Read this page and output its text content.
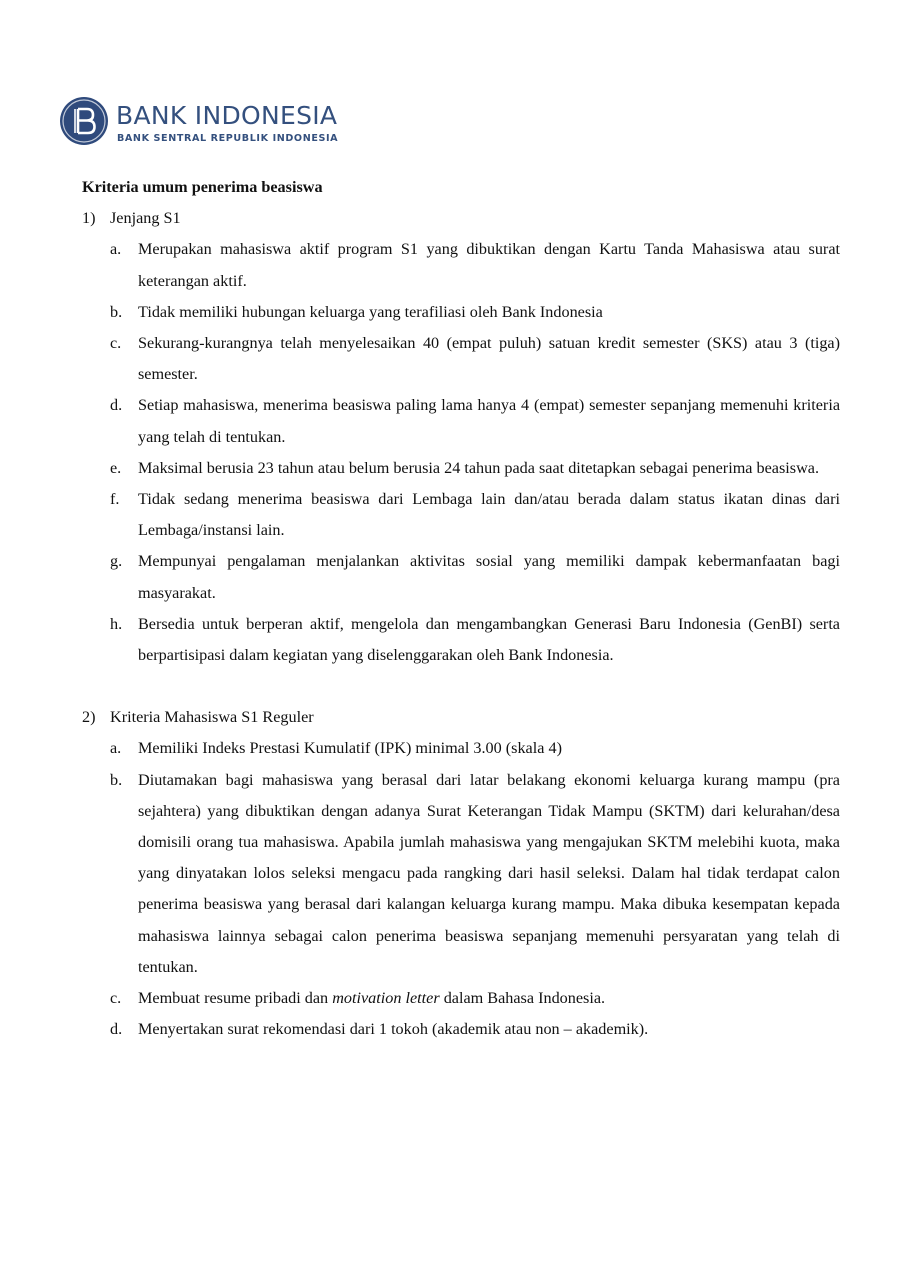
BANK INDONESIA
BANK SENTRAL REPUBLIK INDONESIA

Kriteria umum penerima beasiswa

1) Jenjang S1
a. Merupakan mahasiswa aktif program S1 yang dibuktikan dengan Kartu Tanda Mahasiswa atau surat keterangan aktif.
b. Tidak memiliki hubungan keluarga yang terafiliasi oleh Bank Indonesia
c. Sekurang-kurangnya telah menyelesaikan 40 (empat puluh) satuan kredit semester (SKS) atau 3 (tiga) semester.
d. Setiap mahasiswa, menerima beasiswa paling lama hanya 4 (empat) semester sepanjang memenuhi kriteria yang telah di tentukan.
e. Maksimal berusia 23 tahun atau belum berusia 24 tahun pada saat ditetapkan sebagai penerima beasiswa.
f. Tidak sedang menerima beasiswa dari Lembaga lain dan/atau berada dalam status ikatan dinas dari Lembaga/instansi lain.
g. Mempunyai pengalaman menjalankan aktivitas sosial yang memiliki dampak kebermanfaatan bagi masyarakat.
h. Bersedia untuk berperan aktif, mengelola dan mengambangkan Generasi Baru Indonesia (GenBI) serta berpartisipasi dalam kegiatan yang diselenggarakan oleh Bank Indonesia.
2) Kriteria Mahasiswa S1 Reguler
a. Memiliki Indeks Prestasi Kumulatif (IPK) minimal 3.00 (skala 4)
b. Diutamakan bagi mahasiswa yang berasal dari latar belakang ekonomi keluarga kurang mampu (pra sejahtera) yang dibuktikan dengan adanya Surat Keterangan Tidak Mampu (SKTM) dari kelurahan/desa domisili orang tua mahasiswa. Apabila jumlah mahasiswa yang mengajukan SKTM melebihi kuota, maka yang dinyatakan lolos seleksi mengacu pada rangking dari hasil seleksi. Dalam hal tidak terdapat calon penerima beasiswa yang berasal dari kalangan keluarga kurang mampu. Maka dibuka kesempatan kepada mahasiswa lainnya sebagai calon penerima beasiswa sepanjang memenuhi persyaratan yang telah di tentukan.
c. Membuat resume pribadi dan motivation letter dalam Bahasa Indonesia.
d. Menyertakan surat rekomendasi dari 1 tokoh (akademik atau non – akademik).
